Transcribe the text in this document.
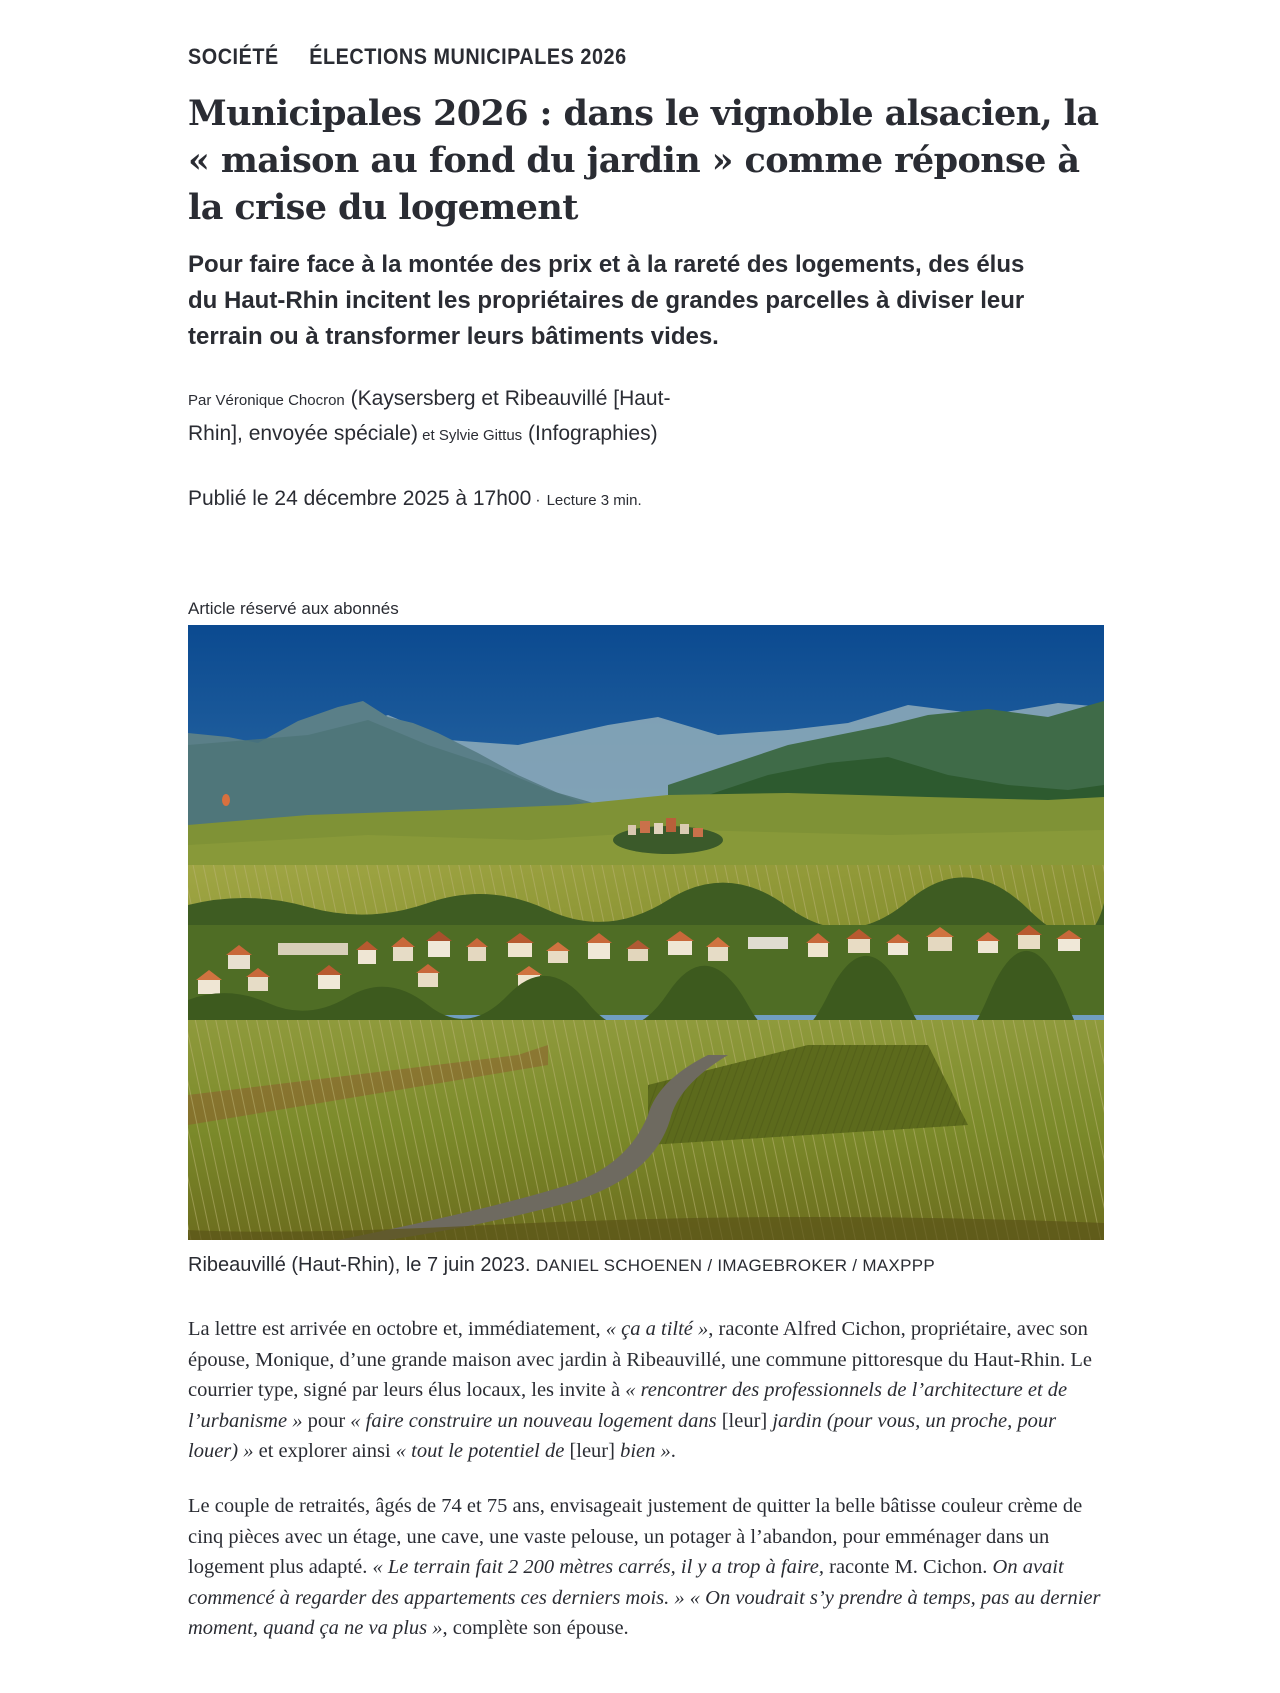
SOCIÉTÉ ÉLECTIONS MUNICIPALES 2026
Municipales 2026 : dans le vignoble alsacien, la
« maison au fond du jardin » comme réponse à
la crise du logement

Pour faire face à la montée des prix et à la rareté des logements, des élus
du Haut-Rhin incitent les propriétaires de grandes parcelles à diviser leur
terrain ou à transformer leurs bâtiments vides.

Par Véronique Chocron (Kaysersberg et Ribeauvillé [Haut-Rhin], envoyée spéciale) et Sylvie Gittus (Infographies)
Publié le 24 décembre 2025 à 17h00 · Lecture 3 min.
Article réservé aux abonnés
Ribeauvillé (Haut-Rhin), le 7 juin 2023. DANIEL SCHOENEN / IMAGEBROKER / MAXPPP

La lettre est arrivée en octobre et, immédiatement, « ça a tilté », raconte Alfred Cichon, propriétaire, avec son épouse, Monique, d’une grande maison avec jardin à Ribeauvillé, une commune pittoresque du Haut-Rhin. Le courrier type, signé par leurs élus locaux, les invite à « rencontrer des professionnels de l’architecture et de l’urbanisme » pour « faire construire un nouveau logement dans [leur] jardin (pour vous, un proche, pour louer) » et explorer ainsi « tout le potentiel de [leur] bien ».

Le couple de retraités, âgés de 74 et 75 ans, envisageait justement de quitter la belle bâtisse couleur crème de cinq pièces avec un étage, une cave, une vaste pelouse, un potager à l’abandon, pour emménager dans un logement plus adapté. « Le terrain fait 2 200 mètres carrés, il y a trop à faire, raconte M. Cichon. On avait commencé à regarder des appartements ces derniers mois. » « On voudrait s’y prendre à temps, pas au dernier moment, quand ça ne va plus », complète son épouse.
